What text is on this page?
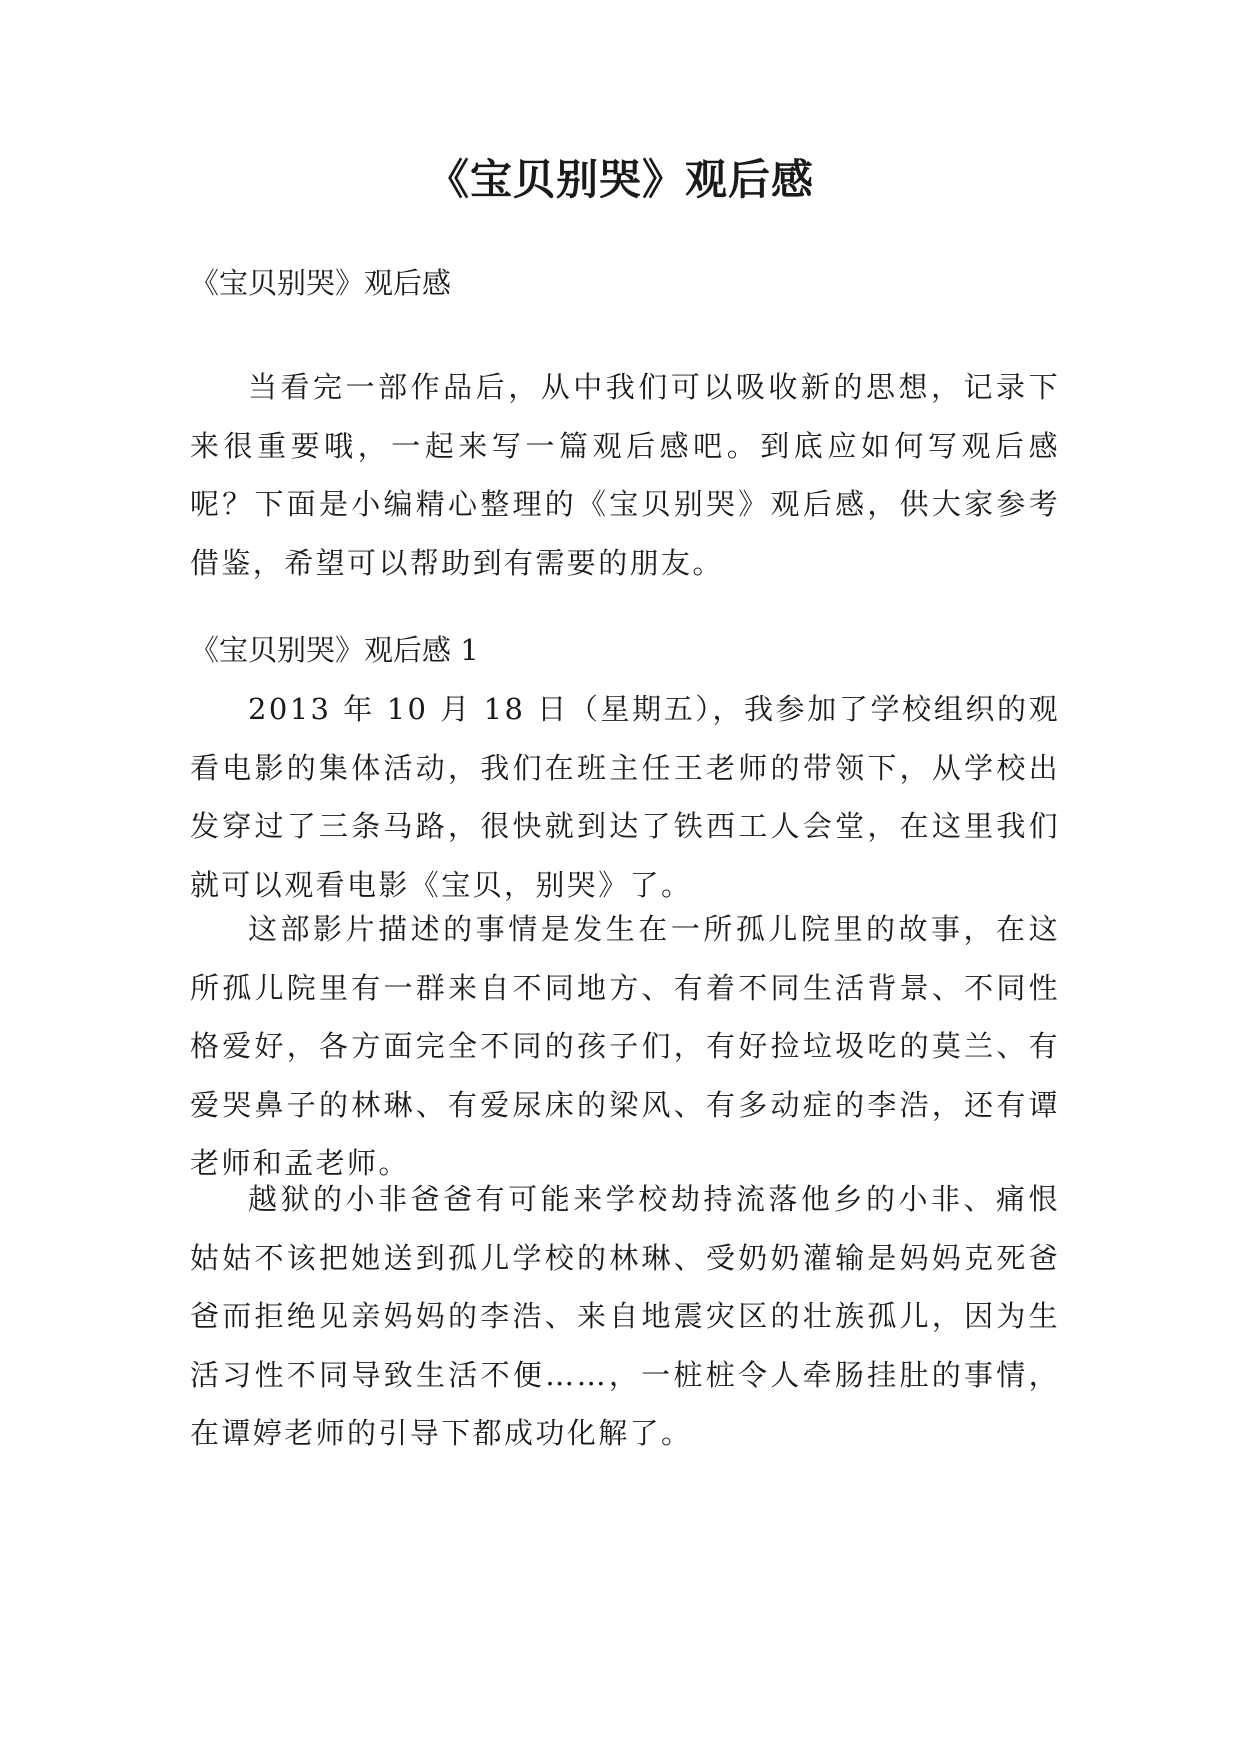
《宝贝别哭》观后感

《宝贝别哭》观后感

当看完一部作品后，从中我们可以吸收新的思想，记录下来很重要哦，一起来写一篇观后感吧。到底应如何写观后感呢？下面是小编精心整理的《宝贝别哭》观后感，供大家参考借鉴，希望可以帮助到有需要的朋友。

《宝贝别哭》观后感 1

2013 年 10 月 18 日（星期五），我参加了学校组织的观看电影的集体活动，我们在班主任王老师的带领下，从学校出发穿过了三条马路，很快就到达了铁西工人会堂，在这里我们就可以观看电影《宝贝，别哭》了。

这部影片描述的事情是发生在一所孤儿院里的故事，在这所孤儿院里有一群来自不同地方、有着不同生活背景、不同性格爱好，各方面完全不同的孩子们，有好捡垃圾吃的莫兰、有爱哭鼻子的林琳、有爱尿床的梁风、有多动症的李浩，还有谭老师和孟老师。

越狱的小非爸爸有可能来学校劫持流落他乡的小非、痛恨姑姑不该把她送到孤儿学校的林琳、受奶奶灌输是妈妈克死爸爸而拒绝见亲妈妈的李浩、来自地震灾区的壮族孤儿，因为生活习性不同导致生活不便……，一桩桩令人牵肠挂肚的事情，在谭婷老师的引导下都成功化解了。
